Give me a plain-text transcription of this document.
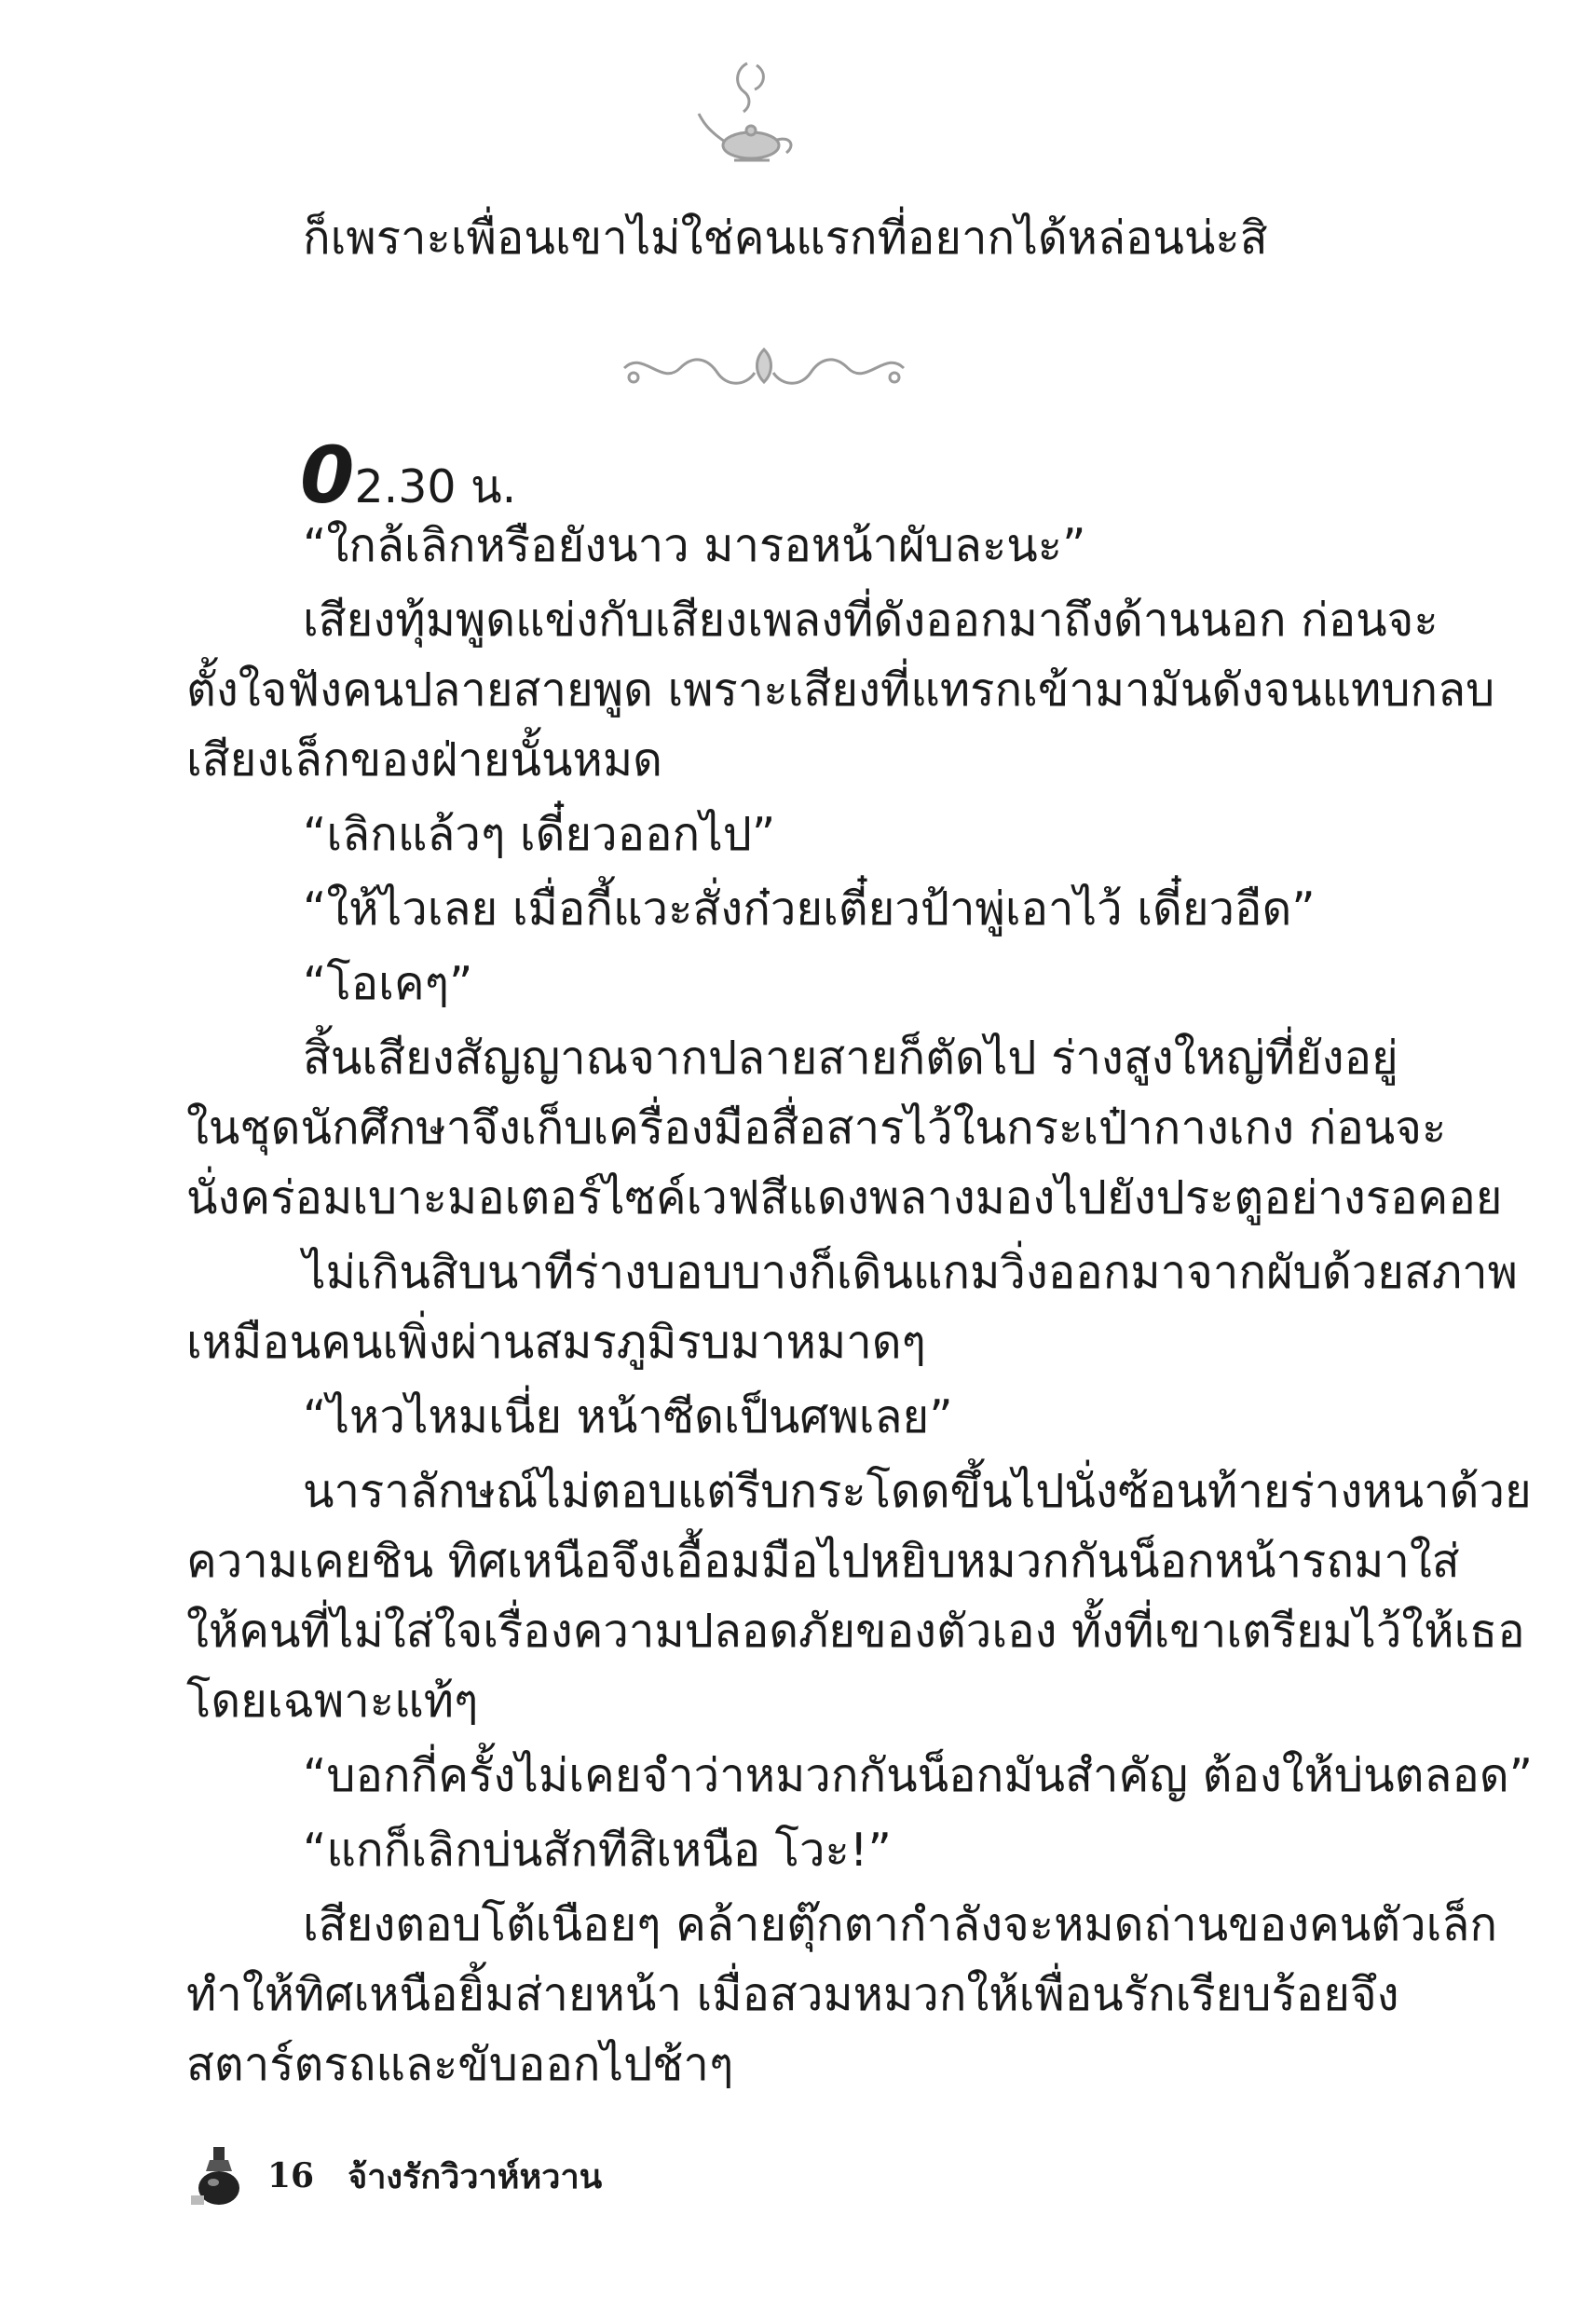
ก็เพราะเพื่อนเขาไม่ใช่คนแรกที่อยากได้หล่อนน่ะสิ
02.30 น.
“ใกล้เลิกหรือยังนาว มารอหน้าผับละนะ”
เสียงทุ้มพูดแข่งกับเสียงเพลงที่ดังออกมาถึงด้านนอก ก่อนจะ
ตั้งใจฟังคนปลายสายพูด เพราะเสียงที่แทรกเข้ามามันดังจนแทบกลบ
เสียงเล็กของฝ่ายนั้นหมด
“เลิกแล้วๆ เดี๋ยวออกไป”
“ให้ไวเลย เมื่อกี้แวะสั่งก๋วยเตี๋ยวป้าพู่เอาไว้ เดี๋ยวอืด”
“โอเคๆ”
สิ้นเสียงสัญญาณจากปลายสายก็ตัดไป ร่างสูงใหญ่ที่ยังอยู่
ในชุดนักศึกษาจึงเก็บเครื่องมือสื่อสารไว้ในกระเป๋ากางเกง ก่อนจะ
นั่งคร่อมเบาะมอเตอร์ไซค์เวฟสีแดงพลางมองไปยังประตูอย่างรอคอย
ไม่เกินสิบนาทีร่างบอบบางก็เดินแกมวิ่งออกมาจากผับด้วยสภาพ
เหมือนคนเพิ่งผ่านสมรภูมิรบมาหมาดๆ
“ไหวไหมเนี่ย หน้าซีดเป็นศพเลย”
นาราลักษณ์ไม่ตอบแต่รีบกระโดดขึ้นไปนั่งซ้อนท้ายร่างหนาด้วย
ความเคยชิน ทิศเหนือจึงเอื้อมมือไปหยิบหมวกกันน็อกหน้ารถมาใส่
ให้คนที่ไม่ใส่ใจเรื่องความปลอดภัยของตัวเอง ทั้งที่เขาเตรียมไว้ให้เธอ
โดยเฉพาะแท้ๆ
“บอกกี่ครั้งไม่เคยจำว่าหมวกกันน็อกมันสำคัญ ต้องให้บ่นตลอด”
“แกก็เลิกบ่นสักทีสิเหนือ โวะ!”
เสียงตอบโต้เนือยๆ คล้ายตุ๊กตากำลังจะหมดถ่านของคนตัวเล็ก
ทำให้ทิศเหนือยิ้มส่ายหน้า เมื่อสวมหมวกให้เพื่อนรักเรียบร้อยจึง
สตาร์ตรถและขับออกไปช้าๆ
16 จ้างรักวิวาห์หวาน
